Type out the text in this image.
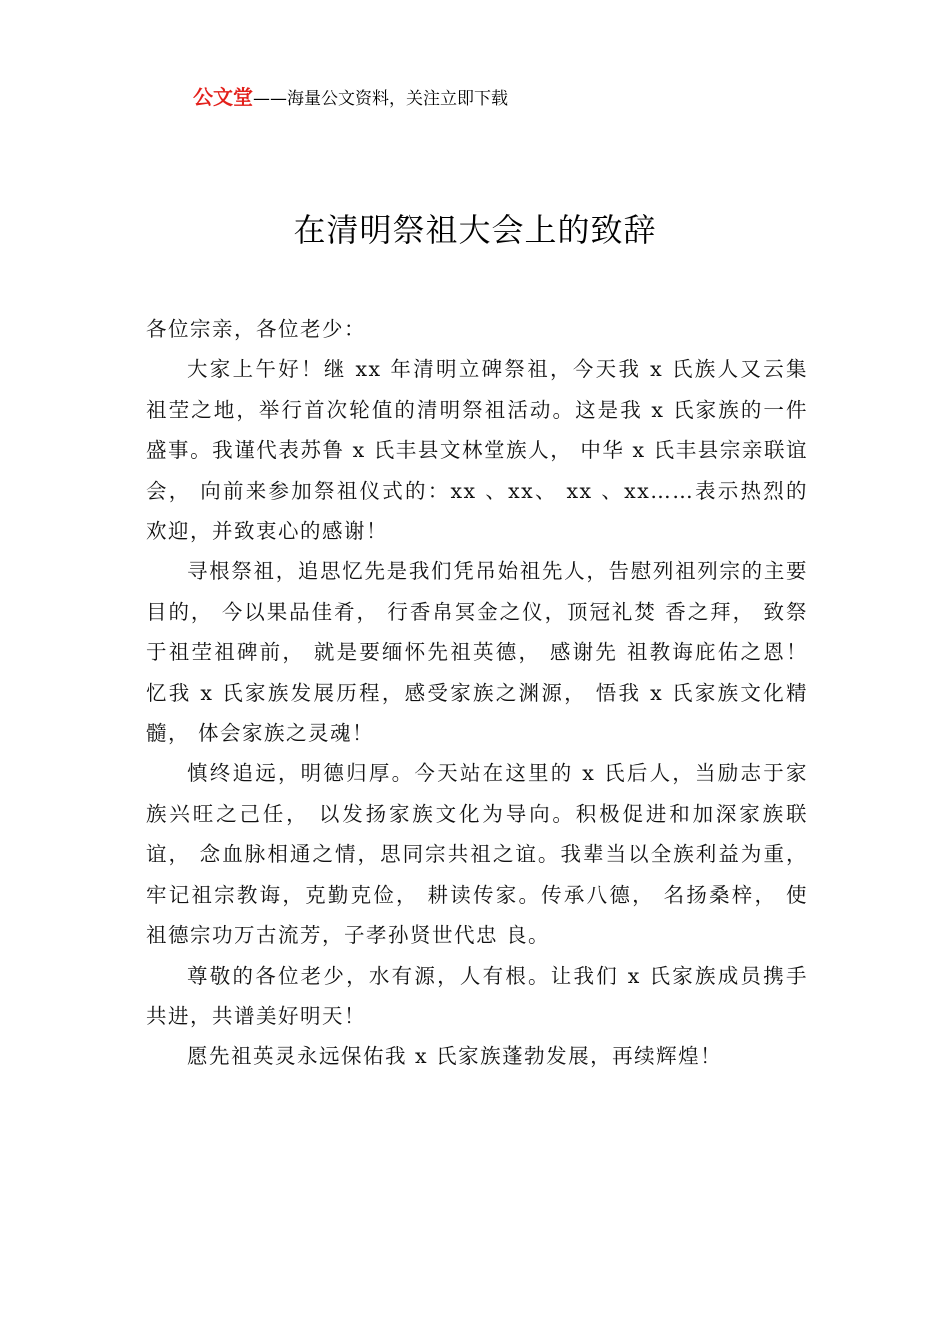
公文堂——海量公文资料，关注立即下载
在清明祭祖大会上的致辞

各位宗亲，各位老少：

大家上午好！继 xx 年清明立碑祭祖，今天我 x 氏族人又云集祖茔之地，举行首次轮值的清明祭祖活动。这是我 x 氏家族的一件盛事。我谨代表苏鲁 x 氏丰县文林堂族人， 中华 x 氏丰县宗亲联谊会， 向前来参加祭祖仪式的：xx 、xx、 xx 、xx……表示热烈的欢迎，并致衷心的感谢！

寻根祭祖，追思忆先是我们凭吊始祖先人，告慰列祖列宗的主要目的， 今以果品佳肴， 行香帛冥金之仪，顶冠礼焚 香之拜， 致祭于祖茔祖碑前， 就是要缅怀先祖英德， 感谢先 祖教诲庇佑之恩！忆我 x 氏家族发展历程，感受家族之渊源， 悟我 x 氏家族文化精髓， 体会家族之灵魂！

慎终追远，明德归厚。今天站在这里的 x 氏后人，当励志于家族兴旺之己任， 以发扬家族文化为导向。积极促进和加深家族联谊， 念血脉相通之情，思同宗共祖之谊。我辈当以全族利益为重，牢记祖宗教诲，克勤克俭， 耕读传家。传承八德， 名扬桑梓， 使祖德宗功万古流芳，子孝孙贤世代忠 良。

尊敬的各位老少，水有源，人有根。让我们 x 氏家族成员携手共进，共谱美好明天！

愿先祖英灵永远保佑我 x 氏家族蓬勃发展，再续辉煌！
